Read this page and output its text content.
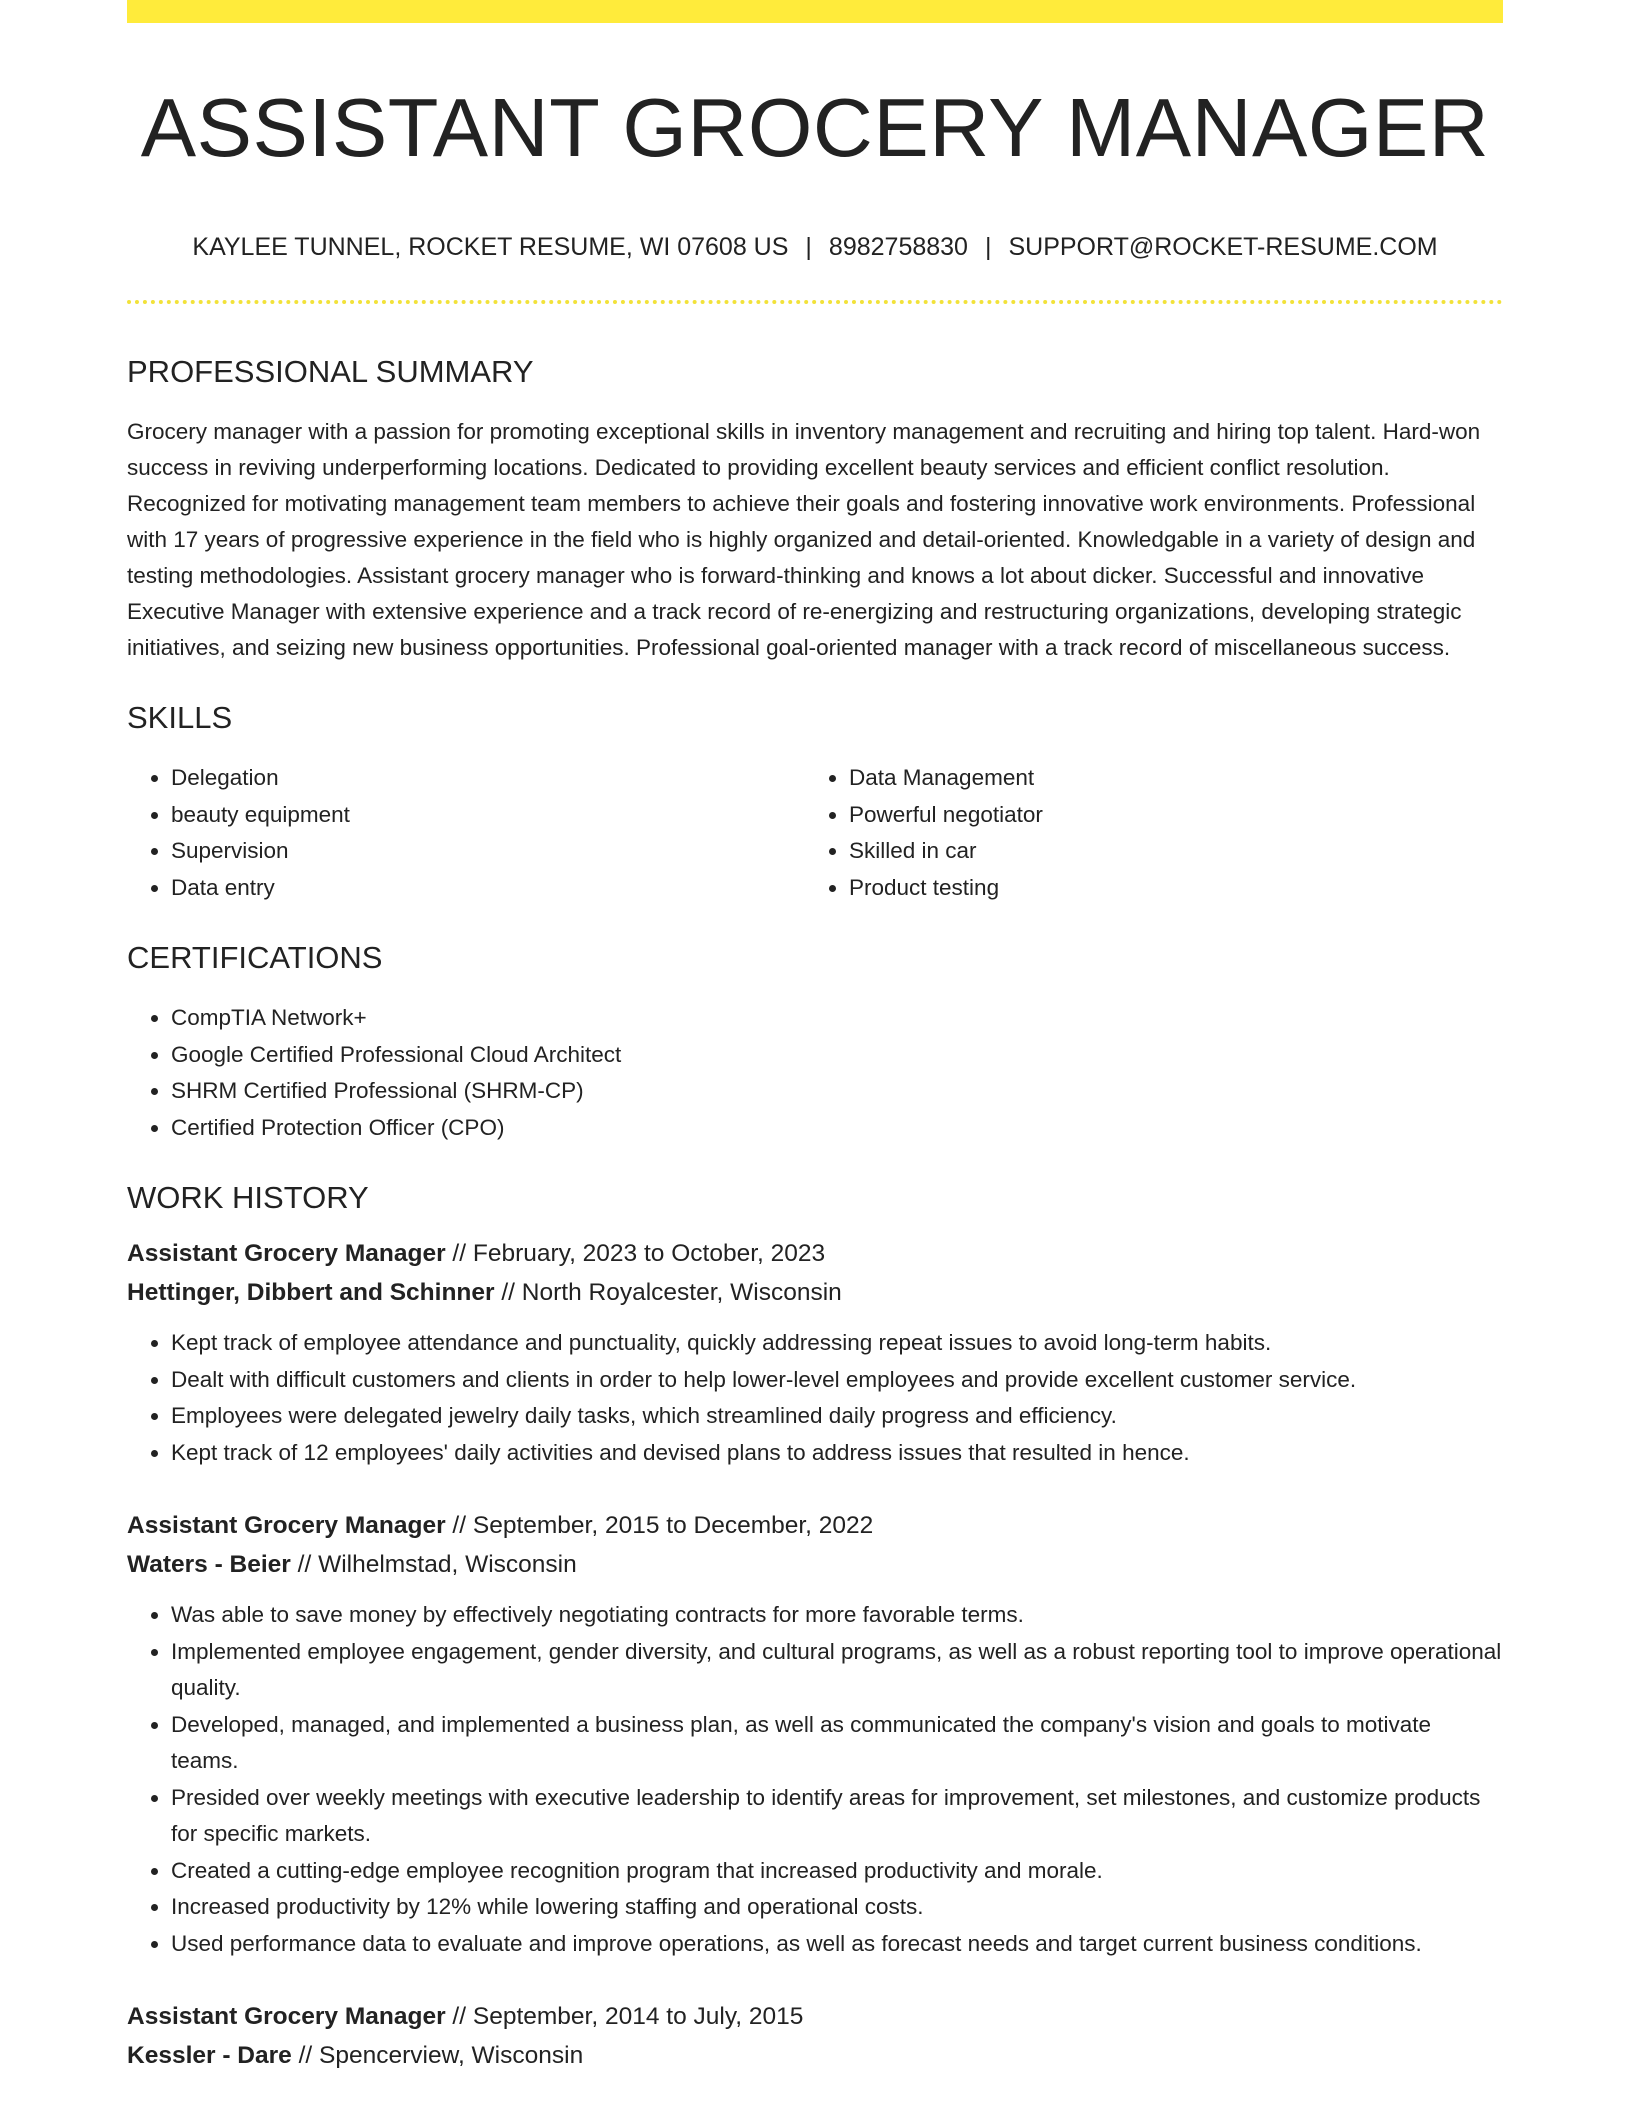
ASSISTANT GROCERY MANAGER
KAYLEE TUNNEL, ROCKET RESUME, WI 07608 US | 8982758830 | SUPPORT@ROCKET-RESUME.COM
PROFESSIONAL SUMMARY

Grocery manager with a passion for promoting exceptional skills in inventory management and recruiting and hiring top talent. Hard-won success in reviving underperforming locations. Dedicated to providing excellent beauty services and efficient conflict resolution. Recognized for motivating management team members to achieve their goals and fostering innovative work environments. Professional with 17 years of progressive experience in the field who is highly organized and detail-oriented. Knowledgable in a variety of design and testing methodologies. Assistant grocery manager who is forward-thinking and knows a lot about dicker. Successful and innovative Executive Manager with extensive experience and a track record of re-energizing and restructuring organizations, developing strategic initiatives, and seizing new business opportunities. Professional goal-oriented manager with a track record of miscellaneous success.

SKILLS
• Delegation
• beauty equipment
• Supervision
• Data entry
• Data Management
• Powerful negotiator
• Skilled in car
• Product testing
CERTIFICATIONS
• CompTIA Network+
• Google Certified Professional Cloud Architect
• SHRM Certified Professional (SHRM-CP)
• Certified Protection Officer (CPO)
WORK HISTORY
Assistant Grocery Manager // February, 2023 to October, 2023
Hettinger, Dibbert and Schinner // North Royalcester, Wisconsin
• Kept track of employee attendance and punctuality, quickly addressing repeat issues to avoid long-term habits.
• Dealt with difficult customers and clients in order to help lower-level employees and provide excellent customer service.
• Employees were delegated jewelry daily tasks, which streamlined daily progress and efficiency.
• Kept track of 12 employees' daily activities and devised plans to address issues that resulted in hence.
Assistant Grocery Manager // September, 2015 to December, 2022
Waters - Beier // Wilhelmstad, Wisconsin
• Was able to save money by effectively negotiating contracts for more favorable terms.
• Implemented employee engagement, gender diversity, and cultural programs, as well as a robust reporting tool to improve operational quality.
• Developed, managed, and implemented a business plan, as well as communicated the company's vision and goals to motivate teams.
• Presided over weekly meetings with executive leadership to identify areas for improvement, set milestones, and customize products for specific markets.
• Created a cutting-edge employee recognition program that increased productivity and morale.
• Increased productivity by 12% while lowering staffing and operational costs.
• Used performance data to evaluate and improve operations, as well as forecast needs and target current business conditions.
Assistant Grocery Manager // September, 2014 to July, 2015
Kessler - Dare // Spencerview, Wisconsin
